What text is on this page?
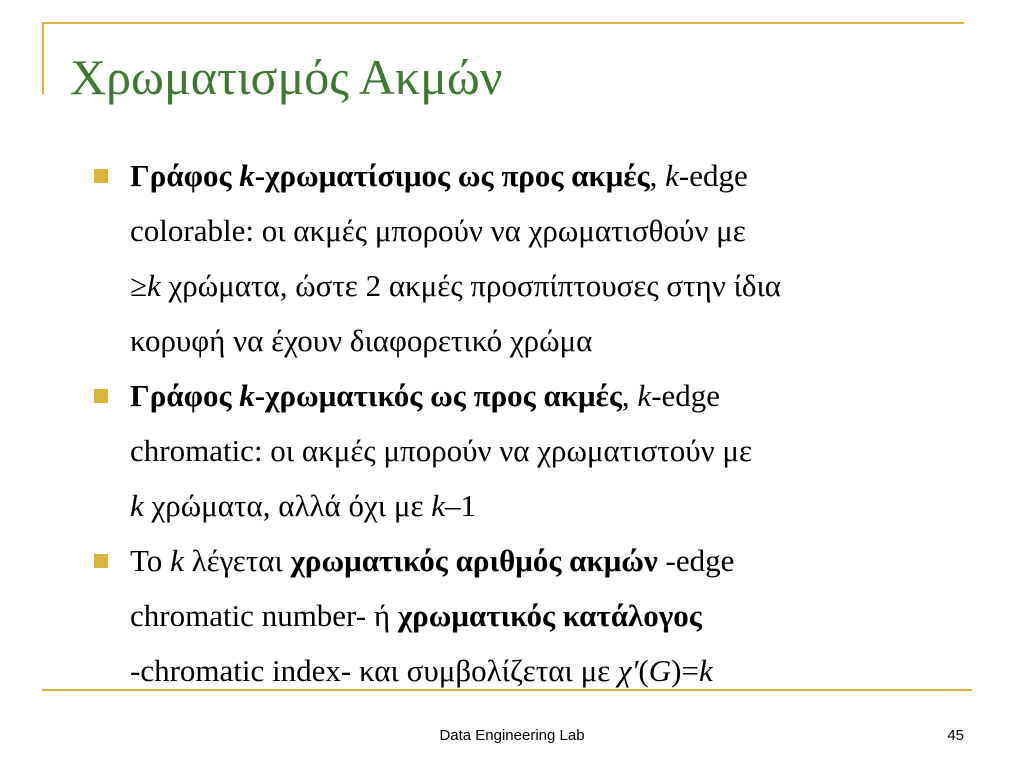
Χρωματισμός Ακμών
Γράφος k-χρωματίσιμος ως προς ακμές, k-edge
colorable: οι ακμές μπορούν να χρωματισθούν με
≥k χρώματα, ώστε 2 ακμές προσπίπτουσες στην ίδια
κορυφή να έχουν διαφορετικό χρώμα
Γράφος k-χρωματικός ως προς ακμές, k-edge
chromatic: οι ακμές μπορούν να χρωματιστούν με
k χρώματα, αλλά όχι με k–1
Το k λέγεται χρωματικός αριθμός ακμών -edge
chromatic number- ή χρωματικός κατάλογος
-chromatic index- και συμβολίζεται με χ′(G)=k
Data Engineering Lab	45
